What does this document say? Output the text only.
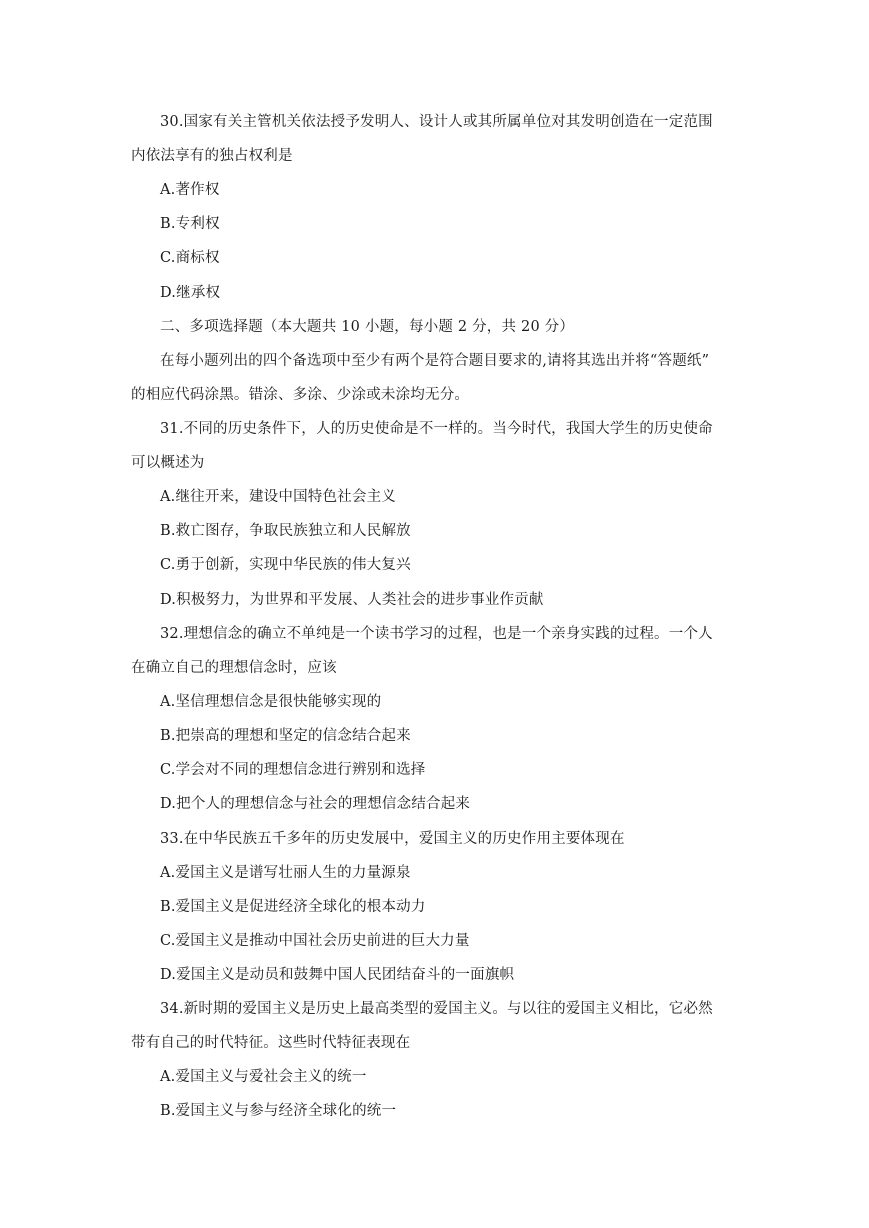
30.国家有关主管机关依法授予发明人、设计人或其所属单位对其发明创造在一定范围
内依法享有的独占权利是
A.著作权
B.专利权
C.商标权
D.继承权
二、多项选择题（本大题共 10 小题，每小题 2 分，共 20 分）
在每小题列出的四个备选项中至少有两个是符合题目要求的,请将其选出并将“答题纸”
的相应代码涂黑。错涂、多涂、少涂或未涂均无分。
31.不同的历史条件下，人的历史使命是不一样的。当今时代，我国大学生的历史使命
可以概述为
A.继往开来，建设中国特色社会主义
B.救亡图存，争取民族独立和人民解放
C.勇于创新，实现中华民族的伟大复兴
D.积极努力，为世界和平发展、人类社会的进步事业作贡献
32.理想信念的确立不单纯是一个读书学习的过程，也是一个亲身实践的过程。一个人
在确立自己的理想信念时，应该
A.坚信理想信念是很快能够实现的
B.把崇高的理想和坚定的信念结合起来
C.学会对不同的理想信念进行辨别和选择
D.把个人的理想信念与社会的理想信念结合起来
33.在中华民族五千多年的历史发展中，爱国主义的历史作用主要体现在
A.爱国主义是谱写壮丽人生的力量源泉
B.爱国主义是促进经济全球化的根本动力
C.爱国主义是推动中国社会历史前进的巨大力量
D.爱国主义是动员和鼓舞中国人民团结奋斗的一面旗帜
34.新时期的爱国主义是历史上最高类型的爱国主义。与以往的爱国主义相比，它必然
带有自己的时代特征。这些时代特征表现在
A.爱国主义与爱社会主义的统一
B.爱国主义与参与经济全球化的统一
